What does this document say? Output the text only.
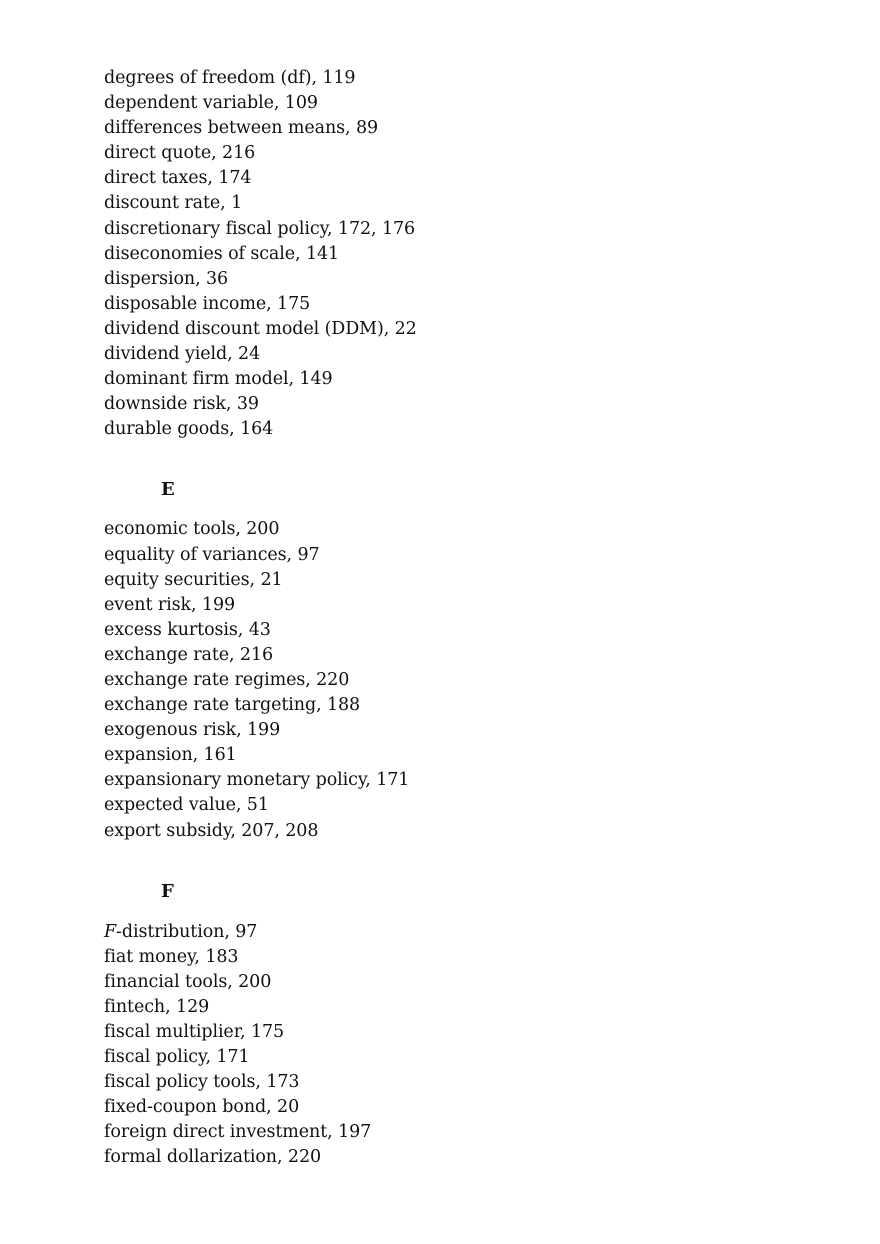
degrees of freedom (df), 119
dependent variable, 109
differences between means, 89
direct quote, 216
direct taxes, 174
discount rate, 1
discretionary fiscal policy, 172, 176
diseconomies of scale, 141
dispersion, 36
disposable income, 175
dividend discount model (DDM), 22
dividend yield, 24
dominant firm model, 149
downside risk, 39
durable goods, 164
E
economic tools, 200
equality of variances, 97
equity securities, 21
event risk, 199
excess kurtosis, 43
exchange rate, 216
exchange rate regimes, 220
exchange rate targeting, 188
exogenous risk, 199
expansion, 161
expansionary monetary policy, 171
expected value, 51
export subsidy, 207, 208
F
F-distribution, 97
fiat money, 183
financial tools, 200
fintech, 129
fiscal multiplier, 175
fiscal policy, 171
fiscal policy tools, 173
fixed-coupon bond, 20
foreign direct investment, 197
formal dollarization, 220
